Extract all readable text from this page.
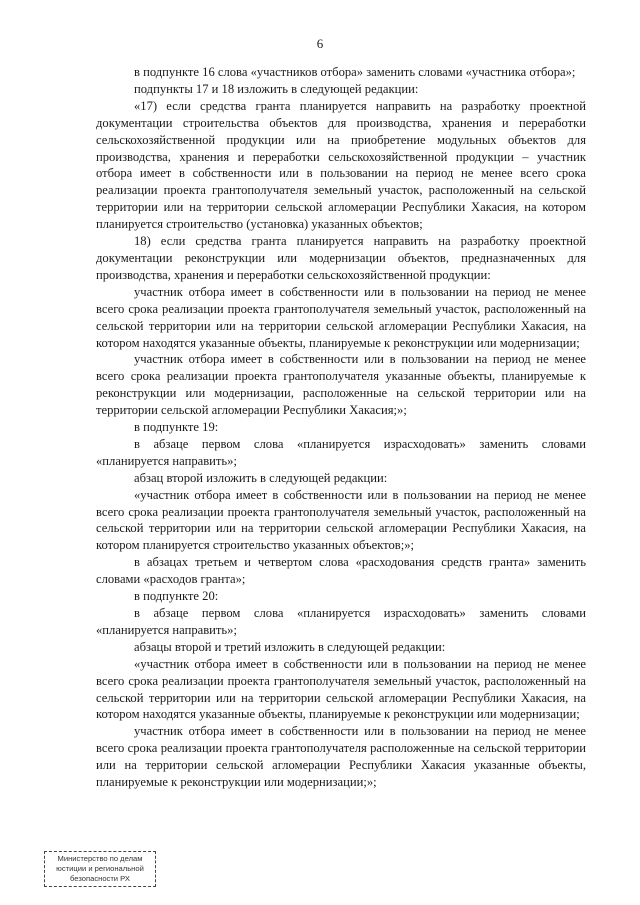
6

в подпункте 16 слова «участников отбора» заменить словами «участника отбора»;

подпункты 17 и 18 изложить в следующей редакции:

«17) если средства гранта планируется направить на разработку проектной документации строительства объектов для производства, хранения и переработки сельскохозяйственной продукции или на приобретение модульных объектов для производства, хранения и переработки сельскохозяйственной продукции – участник отбора имеет в собственности или в пользовании на период не менее всего срока реализации проекта грантополучателя земельный участок, расположенный на сельской территории или на территории сельской агломерации Республики Хакасия, на котором планируется строительство (установка) указанных объектов;

18) если средства гранта планируется направить на разработку проектной документации реконструкции или модернизации объектов, предназначенных для производства, хранения и переработки сельскохозяйственной продукции:

участник отбора имеет в собственности или в пользовании на период не менее всего срока реализации проекта грантополучателя земельный участок, расположенный на сельской территории или на территории сельской агломерации Республики Хакасия, на котором находятся указанные объекты, планируемые к реконструкции или модернизации;

участник отбора имеет в собственности или в пользовании на период не менее всего срока реализации проекта грантополучателя указанные объекты, планируемые к реконструкции или модернизации, расположенные на сельской территории или на территории сельской агломерации Республики Хакасия;»;

в подпункте 19:

в абзаце первом слова «планируется израсходовать» заменить словами «планируется направить»;

абзац второй изложить в следующей редакции:

«участник отбора имеет в собственности или в пользовании на период не менее всего срока реализации проекта грантополучателя земельный участок, расположенный на сельской территории или на территории сельской агломерации Республики Хакасия, на котором планируется строительство указанных объектов;»;

в абзацах третьем и четвертом слова «расходования средств гранта» заменить словами «расходов гранта»;

в подпункте 20:

в абзаце первом слова «планируется израсходовать» заменить словами «планируется направить»;

абзацы второй и третий изложить в следующей редакции:

«участник отбора имеет в собственности или в пользовании на период не менее всего срока реализации проекта грантополучателя земельный участок, расположенный на сельской территории или на территории сельской агломерации Республики Хакасия, на котором находятся указанные объекты, планируемые к реконструкции или модернизации;

участник отбора имеет в собственности или в пользовании на период не менее всего срока реализации проекта грантополучателя расположенные на сельской территории или на территории сельской агломерации Республики Хакасия указанные объекты, планируемые к реконструкции или модернизации;»;

Министерство по делам
юстиции и региональной
безопасности РХ
